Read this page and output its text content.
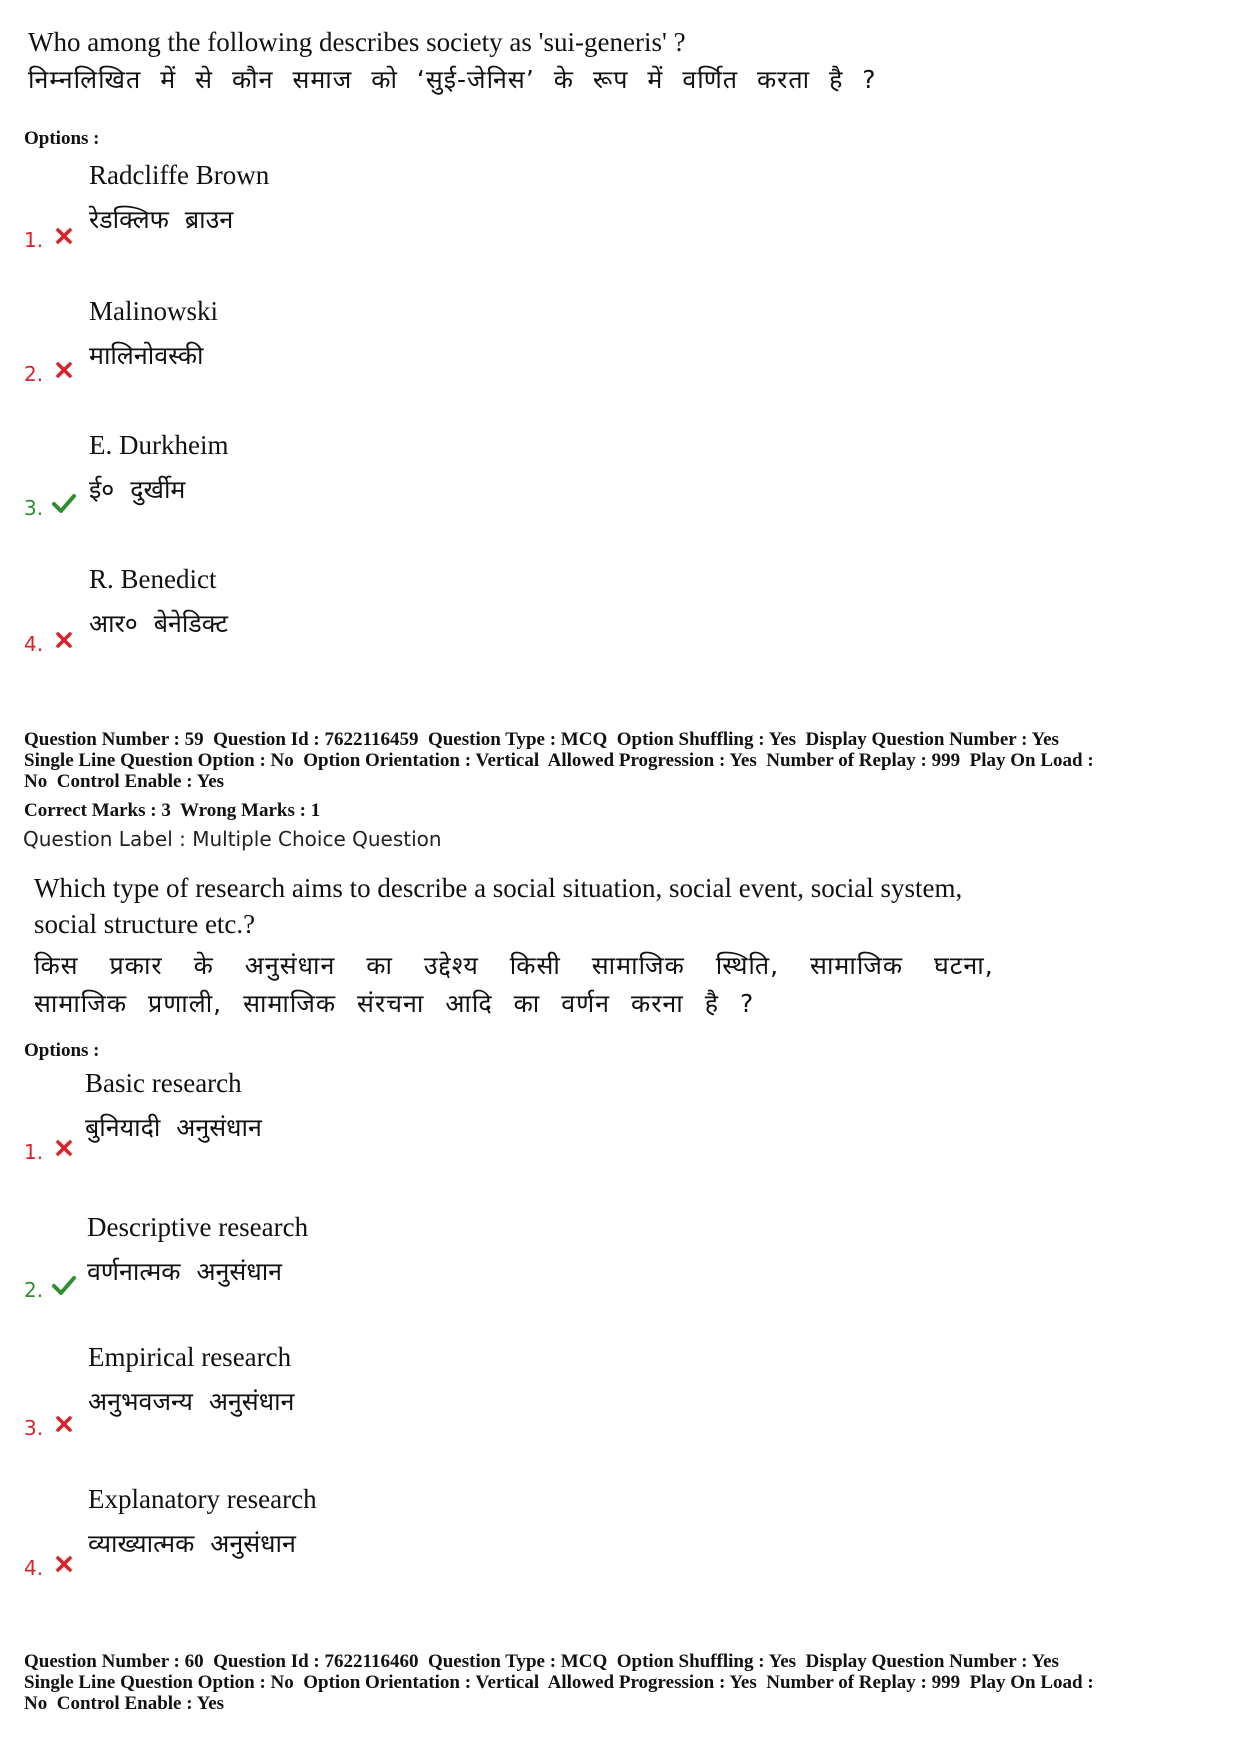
Who among the following describes society as 'sui-generis' ?
निम्नलिखित में से कौन समाज को ‘सुई-जेनिस’ के रूप में वर्णित करता है ?
Options :
Radcliffe Brown
रेडक्लिफ ब्राउन
1.
Malinowski
मालिनोवस्की
2.
E. Durkheim
ई० दुर्खीम
3.
R. Benedict
आर० बेनेडिक्ट
4.
Question Number : 59  Question Id : 7622116459  Question Type : MCQ  Option Shuffling : Yes  Display Question Number : Yes
Single Line Question Option : No  Option Orientation : Vertical  Allowed Progression : Yes  Number of Replay : 999  Play On Load :
No  Control Enable : Yes
Correct Marks : 3  Wrong Marks : 1
Question Label : Multiple Choice Question
Which type of research aims to describe a social situation, social event, social system,
social structure etc.?
किस प्रकार के अनुसंधान का उद्देश्य किसी सामाजिक स्थिति, सामाजिक घटना,
सामाजिक प्रणाली, सामाजिक संरचना आदि का वर्णन करना है ?
Options :
Basic research
बुनियादी अनुसंधान
1.
Descriptive research
वर्णनात्मक अनुसंधान
2.
Empirical research
अनुभवजन्य अनुसंधान
3.
Explanatory research
व्याख्यात्मक अनुसंधान
4.
Question Number : 60  Question Id : 7622116460  Question Type : MCQ  Option Shuffling : Yes  Display Question Number : Yes
Single Line Question Option : No  Option Orientation : Vertical  Allowed Progression : Yes  Number of Replay : 999  Play On Load :
No  Control Enable : Yes
